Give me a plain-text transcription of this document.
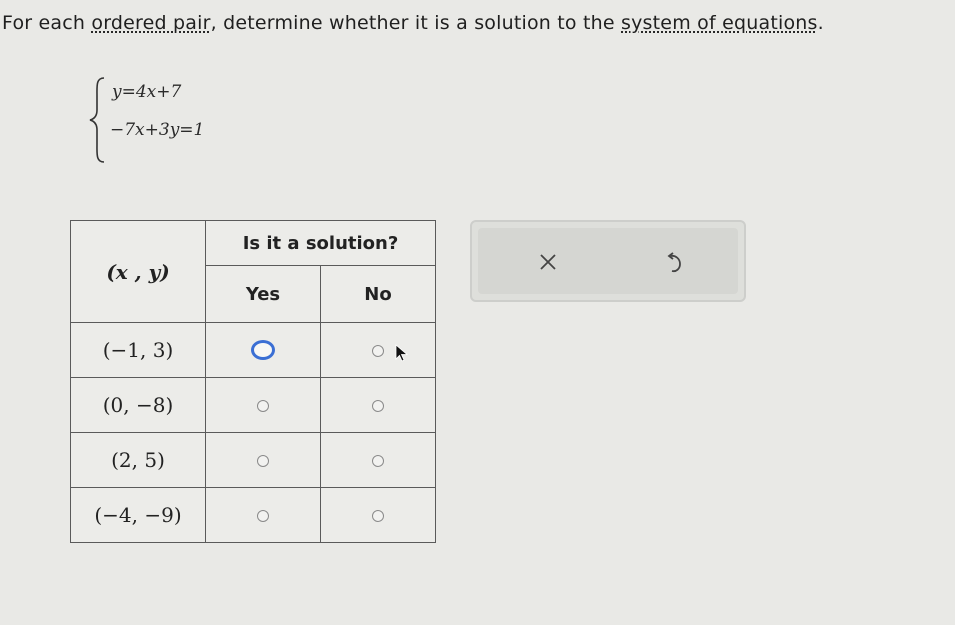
For each ordered pair, determine whether it is a solution to the system of equations.
y=4x+7
−7x+3y=1
(x , y)	Is it a solution?	
	Yes	No
(−1, 3)		
(0, −8)		
(2, 5)		
(−4, −9)		
